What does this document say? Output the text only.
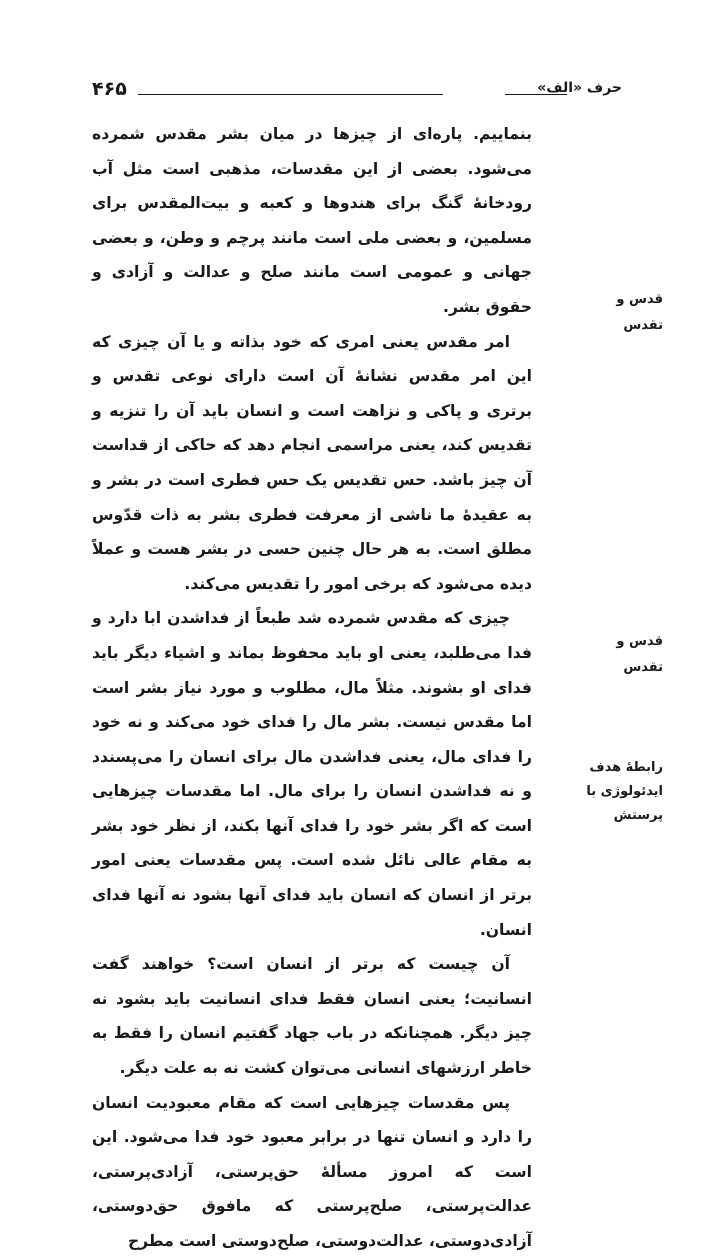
۴۶۵	حرف «الف»

بنماییم. پاره‌ای از چیزها در میان بشر مقدس شمرده می‌شود. بعضی از این مقدسات، مذهبی است مثل آب رودخانهٔ گنگ برای هندوها و کعبه و بیت‌المقدس برای مسلمین، و بعضی ملی است مانند پرچم و وطن، و بعضی جهانی و عمومی است مانند صلح و عدالت و آزادی و حقوق بشر.

امر مقدس یعنی امری که خود بذاته و یا آن چیزی که این امر مقدس نشانهٔ آن است دارای نوعی تقدس و برتری و پاکی و نزاهت است و انسان باید آن را تنزیه و تقدیس کند، یعنی مراسمی انجام دهد که حاکی از قداست آن چیز باشد. حس تقدیس یک حس فطری است در بشر و به عقیدهٔ ما ناشی از معرفت فطری بشر به ذات قدّوس مطلق است. به هر حال چنین حسی در بشر هست و عملاً دیده می‌شود که برخی امور را تقدیس می‌کند.

چیزی که مقدس شمرده شد طبعاً از فداشدن ابا دارد و فدا می‌طلبد، یعنی او باید محفوظ بماند و اشیاء دیگر باید فدای او بشوند. مثلاً مال، مطلوب و مورد نیاز بشر است اما مقدس نیست. بشر مال را فدای خود می‌کند و نه خود را فدای مال، یعنی فداشدن مال برای انسان را می‌پسندد و نه فداشدن انسان را برای مال. اما مقدسات چیزهایی است که اگر بشر خود را فدای آنها بکند، از نظر خود بشر به مقام عالی نائل شده است. پس مقدسات یعنی امور برتر از انسان که انسان باید فدای آنها بشود نه آنها فدای انسان.

آن چیست که برتر از انسان است؟ خواهند گفت انسانیت؛ یعنی انسان فقط فدای انسانیت باید بشود نه چیز دیگر. همچنانکه در باب جهاد گفتیم انسان را فقط به خاطر ارزشهای انسانی می‌توان کشت نه به علت دیگر.

پس مقدسات چیزهایی است که مقام معبودیت انسان را دارد و انسان تنها در برابر معبود خود فدا می‌شود. این است که امروز مسألهٔ حق‌پرستی، آزادی‌پرستی، عدالت‌پرستی، صلح‌پرستی که مافوق حق‌دوستی، آزادی‌دوستی، عدالت‌دوستی، صلح‌دوستی است مطرح

قدس و تقدس
قدس و تقدس
رابطهٔ هدف ایدئولوژی با پرستش
